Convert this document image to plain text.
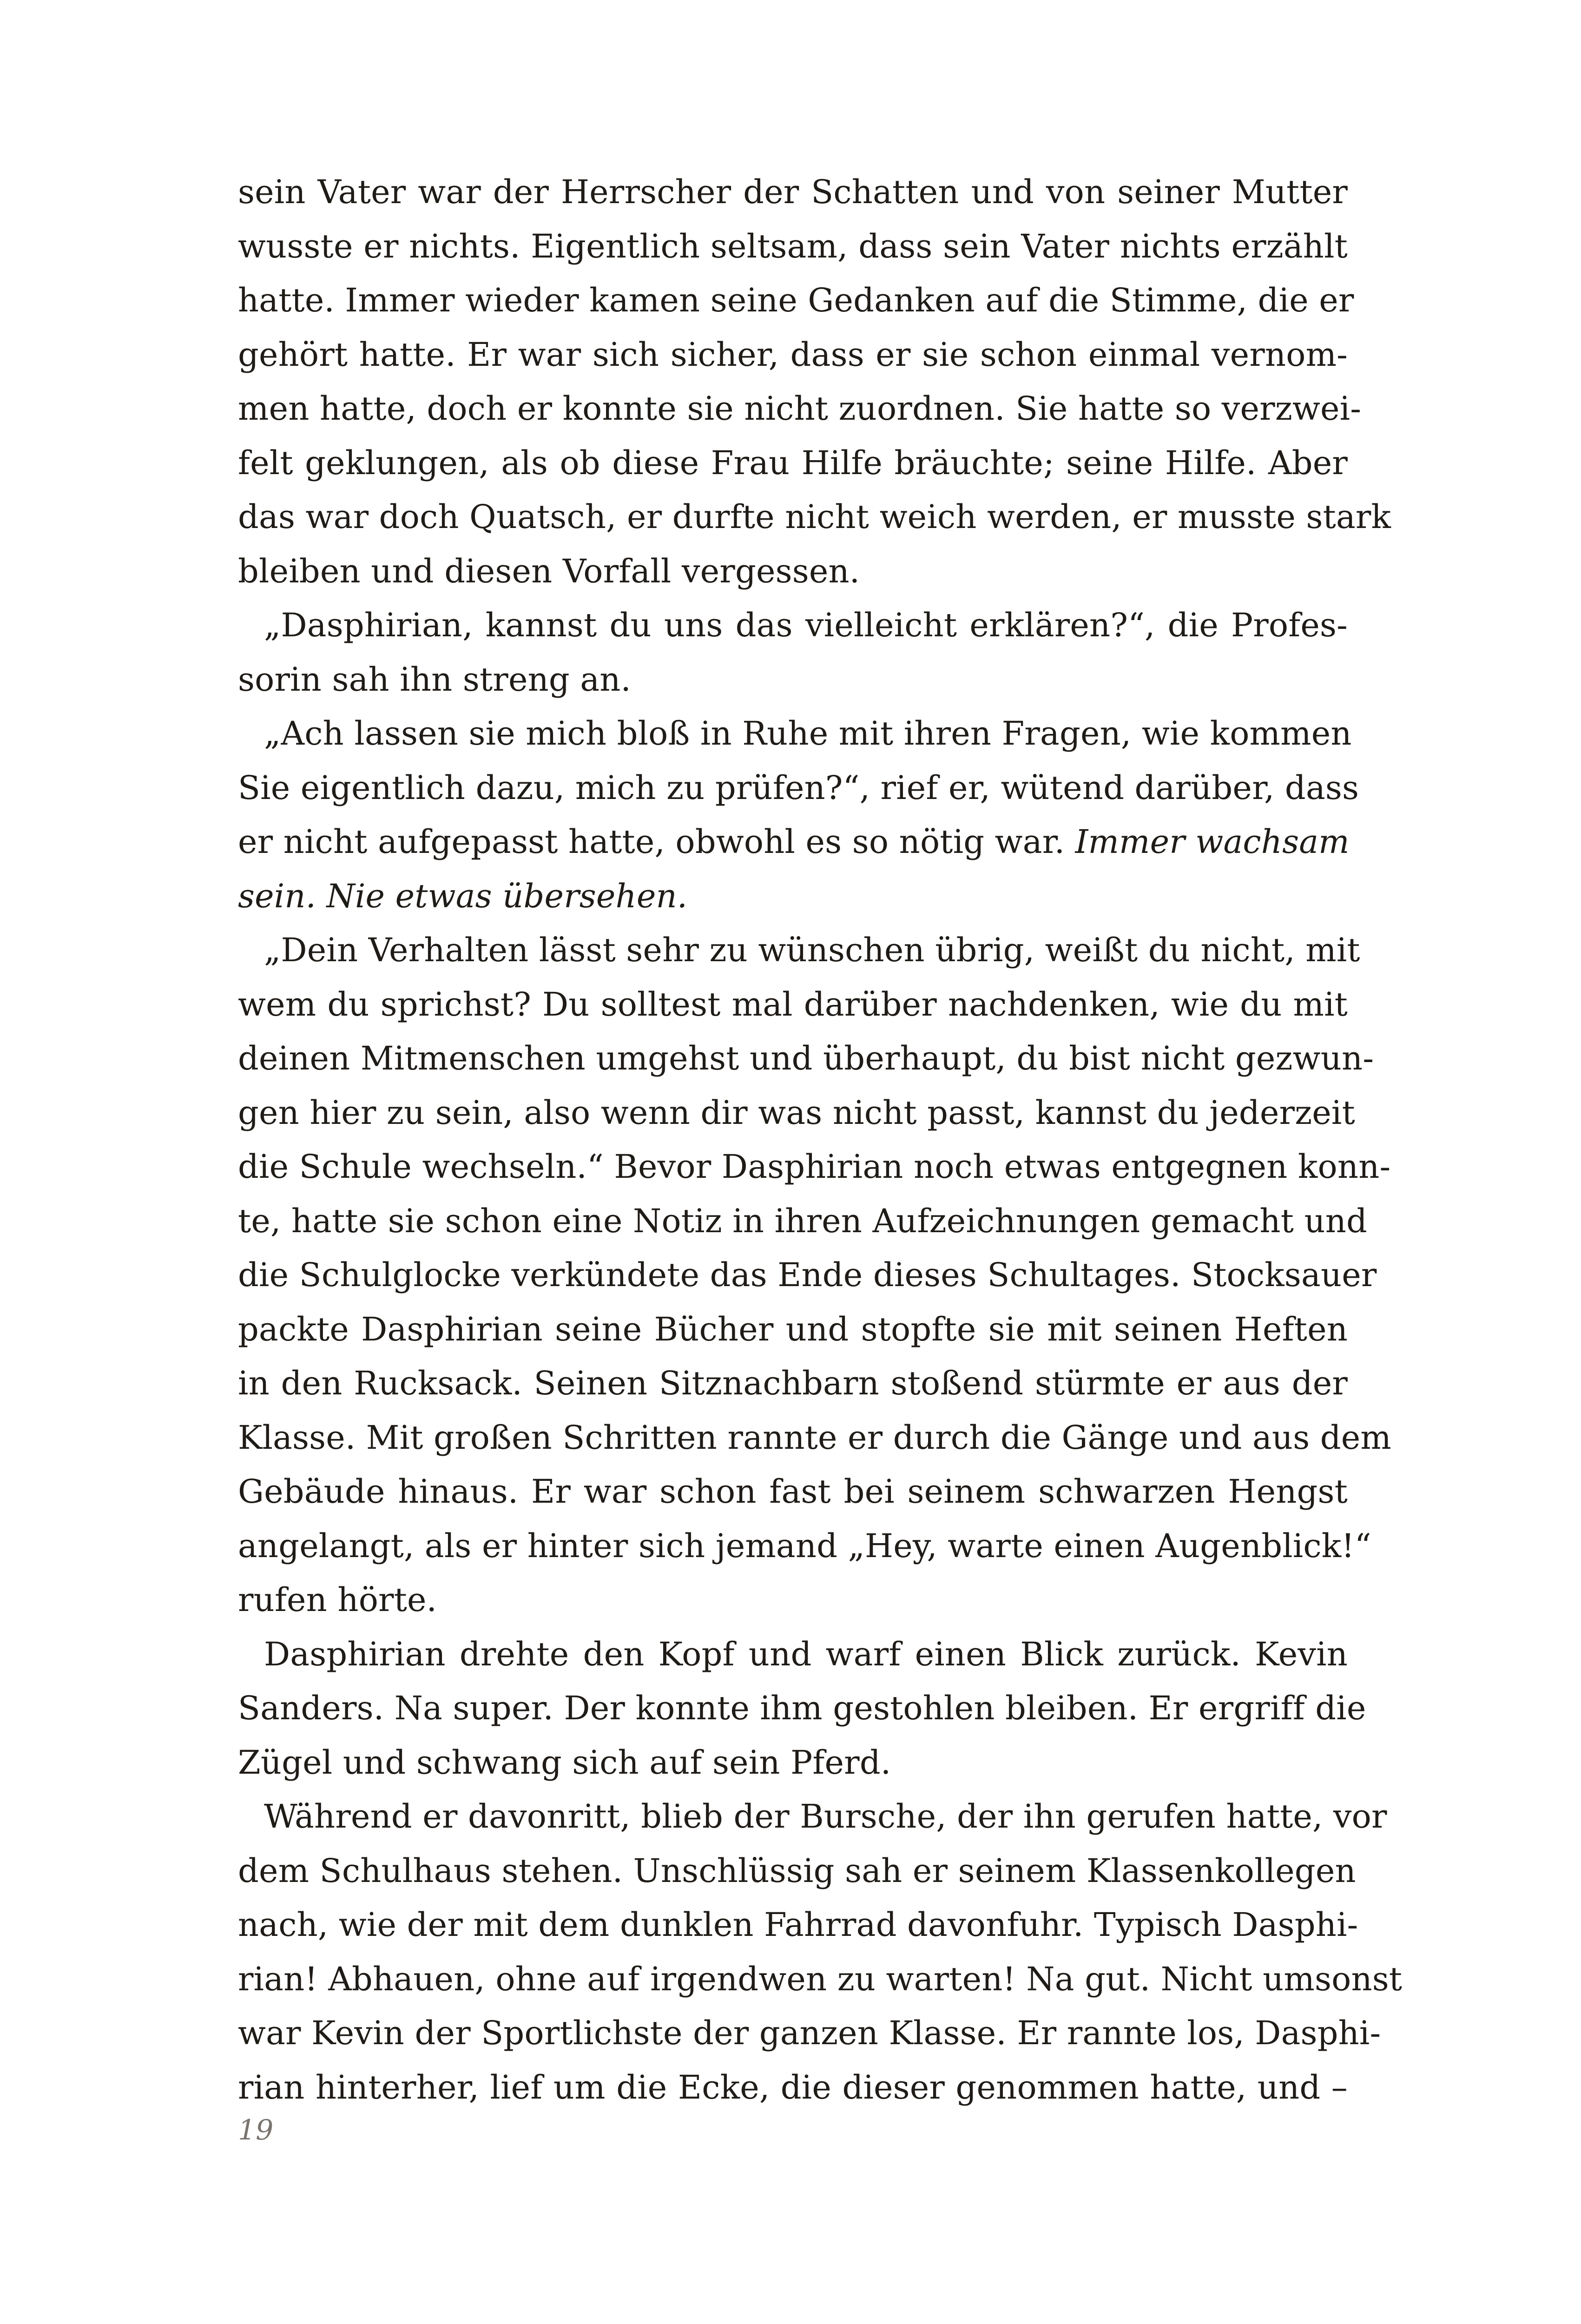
sein Vater war der Herrscher der Schatten und von seiner Mutter
wusste er nichts. Eigentlich seltsam, dass sein Vater nichts erzählt
hatte. Immer wieder kamen seine Gedanken auf die Stimme, die er
gehört hatte. Er war sich sicher, dass er sie schon einmal vernom-
men hatte, doch er konnte sie nicht zuordnen. Sie hatte so verzwei-
felt geklungen, als ob diese Frau Hilfe bräuchte; seine Hilfe. Aber
das war doch Quatsch, er durfte nicht weich werden, er musste stark
bleiben und diesen Vorfall vergessen.
„Dasphirian, kannst du uns das vielleicht erklären?“, die Profes-
sorin sah ihn streng an.
„Ach lassen sie mich bloß in Ruhe mit ihren Fragen, wie kommen
Sie eigentlich dazu, mich zu prüfen?“, rief er, wütend darüber, dass
er nicht aufgepasst hatte, obwohl es so nötig war. Immer wachsam
sein. Nie etwas übersehen.
„Dein Verhalten lässt sehr zu wünschen übrig, weißt du nicht, mit
wem du sprichst? Du solltest mal darüber nachdenken, wie du mit
deinen Mitmenschen umgehst und überhaupt, du bist nicht gezwun-
gen hier zu sein, also wenn dir was nicht passt, kannst du jederzeit
die Schule wechseln.“ Bevor Dasphirian noch etwas entgegnen konn-
te, hatte sie schon eine Notiz in ihren Aufzeichnungen gemacht und
die Schulglocke verkündete das Ende dieses Schultages. Stocksauer
packte Dasphirian seine Bücher und stopfte sie mit seinen Heften
in den Rucksack. Seinen Sitznachbarn stoßend stürmte er aus der
Klasse. Mit großen Schritten rannte er durch die Gänge und aus dem
Gebäude hinaus. Er war schon fast bei seinem schwarzen Hengst
angelangt, als er hinter sich jemand „Hey, warte einen Augenblick!“
rufen hörte.
Dasphirian drehte den Kopf und warf einen Blick zurück. Kevin
Sanders. Na super. Der konnte ihm gestohlen bleiben. Er ergriff die
Zügel und schwang sich auf sein Pferd.
Während er davonritt, blieb der Bursche, der ihn gerufen hatte, vor
dem Schulhaus stehen. Unschlüssig sah er seinem Klassenkollegen
nach, wie der mit dem dunklen Fahrrad davonfuhr. Typisch Dasphi-
rian! Abhauen, ohne auf irgendwen zu warten! Na gut. Nicht umsonst
war Kevin der Sportlichste der ganzen Klasse. Er rannte los, Dasphi-
rian hinterher, lief um die Ecke, die dieser genommen hatte, und –
19
